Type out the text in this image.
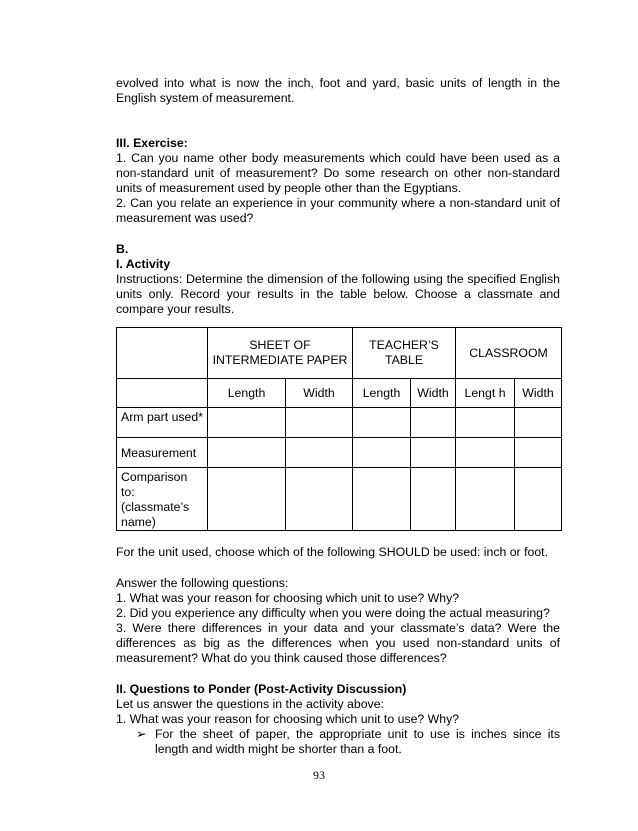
evolved into what is now the inch, foot and yard, basic units of length in the English system of measurement.

III. Exercise:

1. Can you name other body measurements which could have been used as a non-standard unit of measurement? Do some research on other non-standard units of measurement used by people other than the Egyptians.

2. Can you relate an experience in your community where a non-standard unit of measurement was used?

B.

I. Activity

Instructions: Determine the dimension of the following using the specified English units only. Record your results in the table below. Choose a classmate and compare your results.

	SHEET OF INTERMEDIATE PAPER		TEACHER’S TABLE		CLASSROOM	
	Length	Width	Length	Width	Lengt h	Width
Arm part used*						
Measurement						
Comparison to: (classmate’s name)						

For the unit used, choose which of the following SHOULD be used: inch or foot.

Answer the following questions:

1. What was your reason for choosing which unit to use? Why?

2. Did you experience any difficulty when you were doing the actual measuring?

3. Were there differences in your data and your classmate’s data? Were the differences as big as the differences when you used non-standard units of measurement? What do you think caused those differences?

II. Questions to Ponder (Post-Activity Discussion)

Let us answer the questions in the activity above:

1. What was your reason for choosing which unit to use? Why?

➢ For the sheet of paper, the appropriate unit to use is inches since its length and width might be shorter than a foot.
93
